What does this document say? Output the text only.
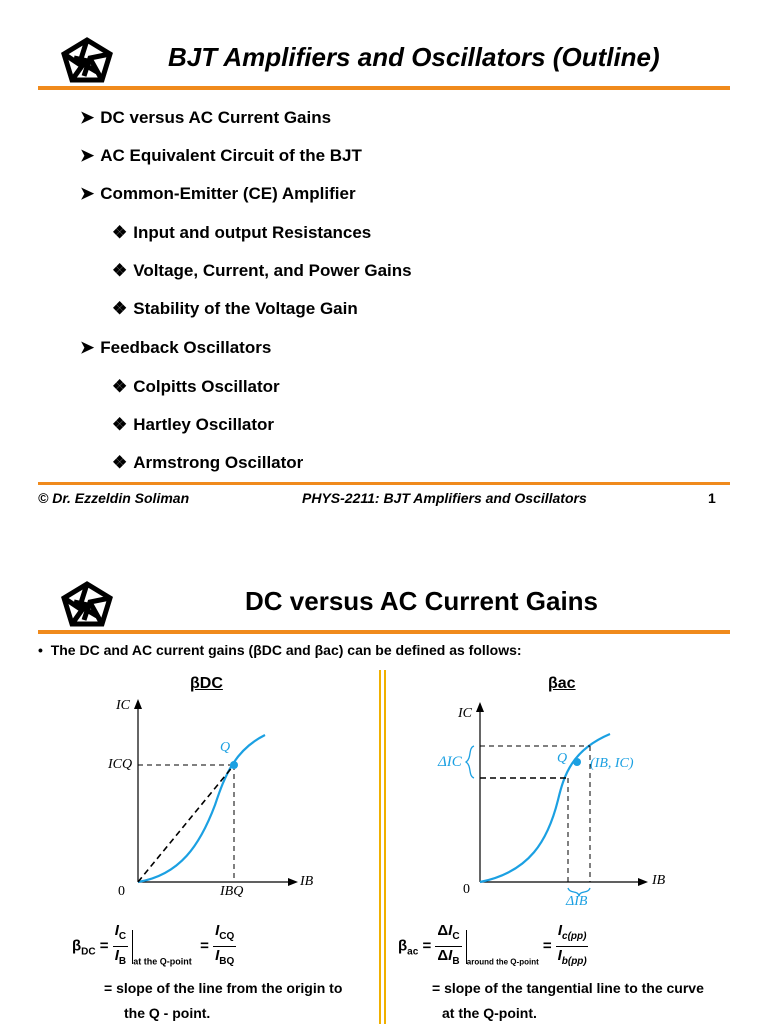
BJT Amplifiers and Oscillators (Outline)
➤ DC versus AC Current Gains
➤ AC Equivalent Circuit of the BJT
➤ Common-Emitter (CE) Amplifier
❖ Input and output Resistances
❖ Voltage, Current, and Power Gains
❖ Stability of the Voltage Gain
➤ Feedback Oscillators
❖ Colpitts Oscillator
❖ Hartley Oscillator
❖ Armstrong Oscillator
© Dr. Ezzeldin Soliman	PHYS-2211: BJT Amplifiers and Oscillators	1
DC versus AC Current Gains
•  The DC and AC current gains (βDC and βac) can be defined as follows:
βDC
IC
ICQ
Q
0	IBQ
IB
$\beta_{DC} = \frac{I_C}{I_B} _{at the Q-point} = \frac{I_{CQ}}{I_{BQ}}$
= slope of the line from the origin to
the Q - point.
βac
IC
ΔIC	Q (IB, IC)
0
IB
ΔIB
$\beta_{ac} = \frac{\Delta I_C}{\Delta I_B} _{around the Q-point} = \frac{I_{c(pp)}}{I_{b(pp)}}$
= slope of the tangential line to the curve
at the Q-point.
